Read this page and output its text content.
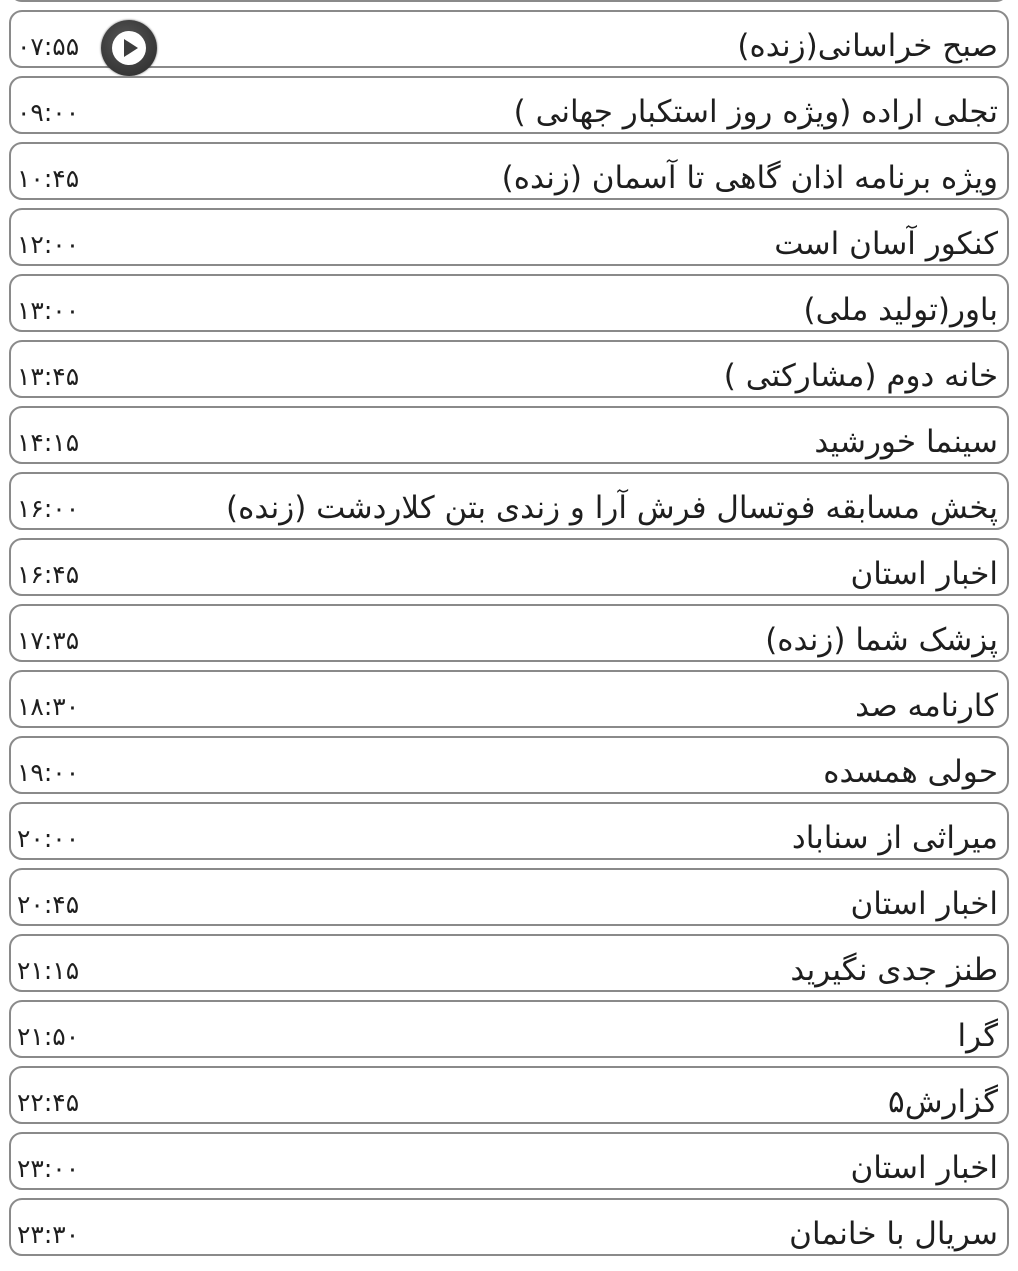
صبح خراسانی(زنده)
۰۷:۵۵
تجلی اراده (ویژه روز استکبار جهانی )
۰۹:۰۰
ویژه برنامه اذان گاهی تا آسمان (زنده)
۱۰:۴۵
کنکور آسان است
۱۲:۰۰
باور(تولید ملی)
۱۳:۰۰
خانه دوم (مشارکتی )
۱۳:۴۵
سینما خورشید
۱۴:۱۵
پخش مسابقه فوتسال فرش آرا و زندی بتن کلاردشت (زنده)
۱۶:۰۰
اخبار استان
۱۶:۴۵
پزشک شما (زنده)
۱۷:۳۵
کارنامه صد
۱۸:۳۰
حولی همسده
۱۹:۰۰
میراثی از سناباد
۲۰:۰۰
اخبار استان
۲۰:۴۵
طنز جدی نگیرید
۲۱:۱۵
گرا
۲۱:۵۰
گزارش۵
۲۲:۴۵
اخبار استان
۲۳:۰۰
سریال با خانمان
۲۳:۳۰
